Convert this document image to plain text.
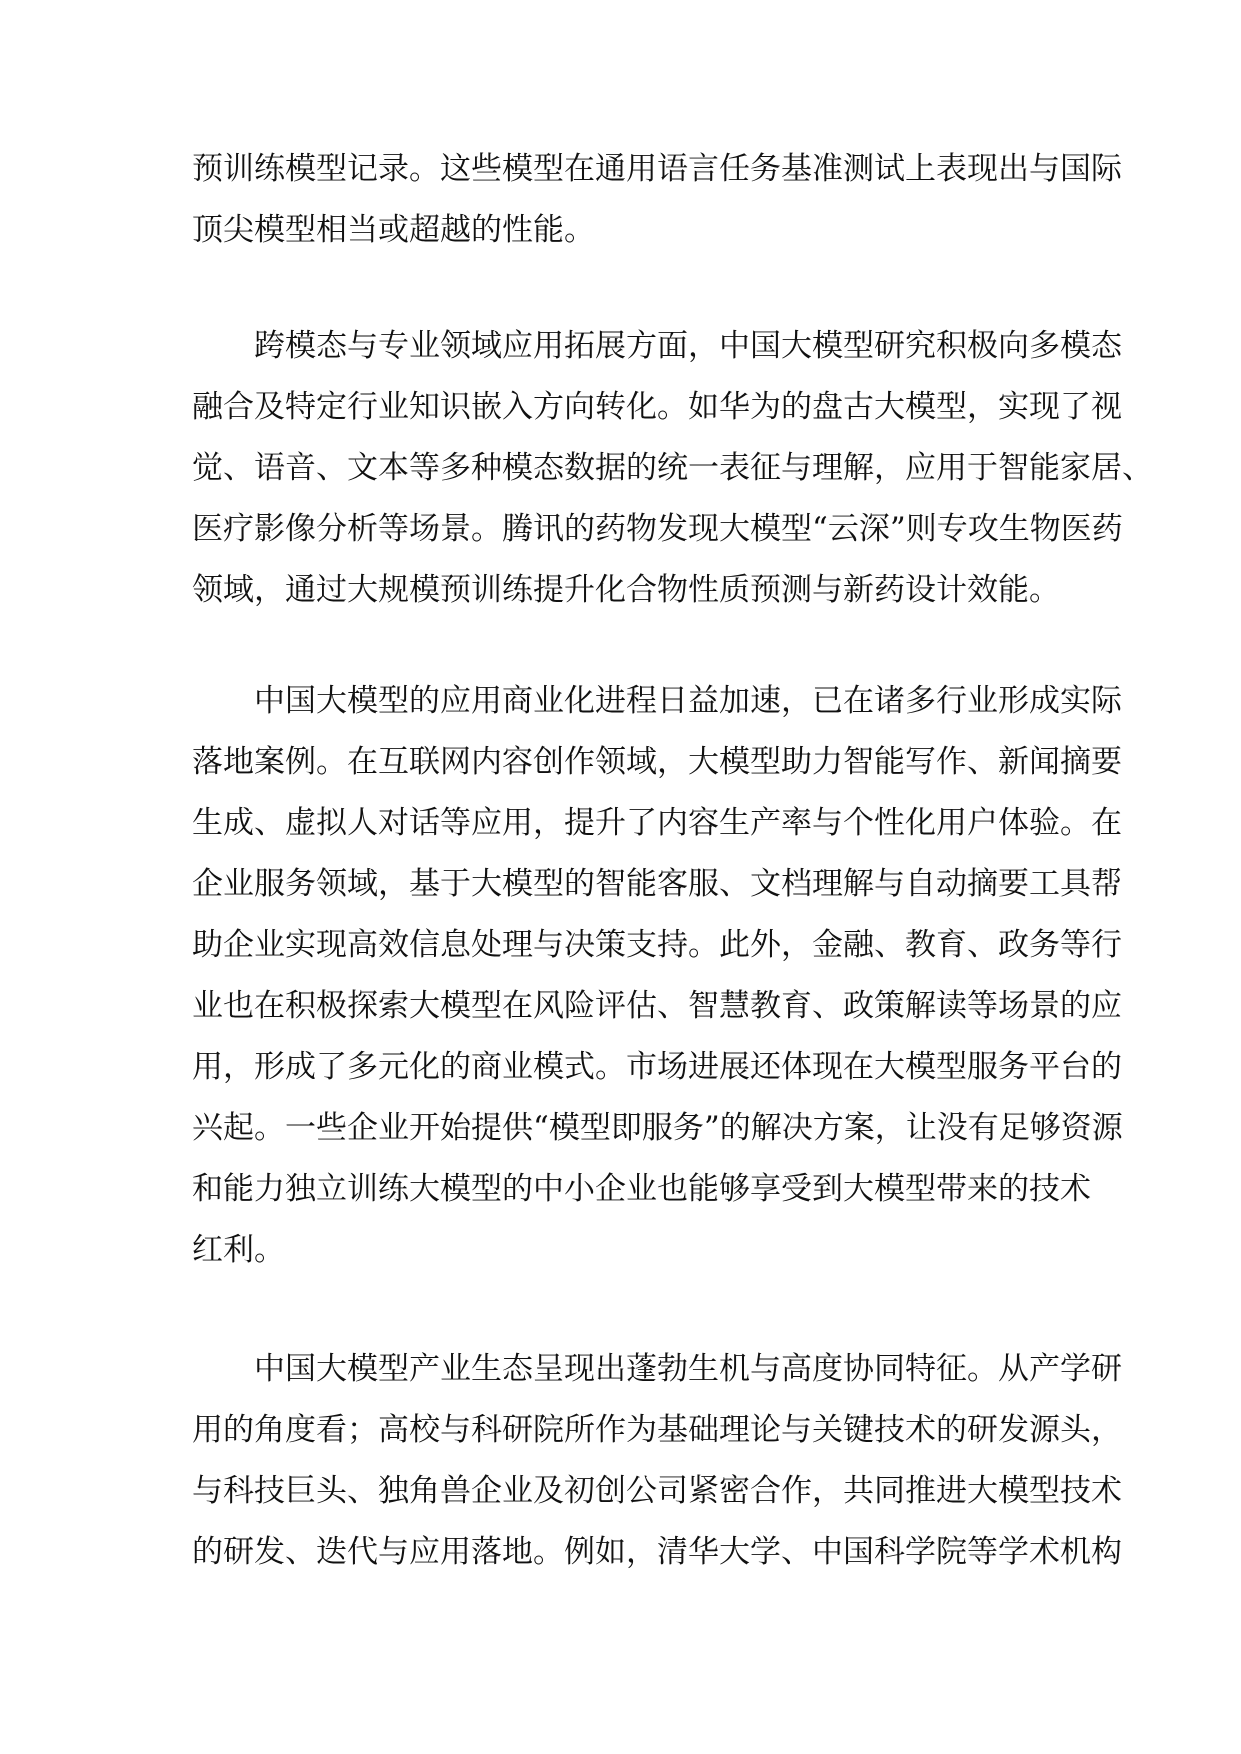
预训练模型记录。这些模型在通用语言任务基准测试上表现出与国际
顶尖模型相当或超越的性能。
跨模态与专业领域应用拓展方面，中国大模型研究积极向多模态
融合及特定行业知识嵌入方向转化。如华为的盘古大模型，实现了视
觉、语音、文本等多种模态数据的统一表征与理解，应用于智能家居、
医疗影像分析等场景。腾讯的药物发现大模型“云深”则专攻生物医药
领域，通过大规模预训练提升化合物性质预测与新药设计效能。
中国大模型的应用商业化进程日益加速，已在诸多行业形成实际
落地案例。在互联网内容创作领域，大模型助力智能写作、新闻摘要
生成、虚拟人对话等应用，提升了内容生产率与个性化用户体验。在
企业服务领域，基于大模型的智能客服、文档理解与自动摘要工具帮
助企业实现高效信息处理与决策支持。此外，金融、教育、政务等行
业也在积极探索大模型在风险评估、智慧教育、政策解读等场景的应
用，形成了多元化的商业模式。市场进展还体现在大模型服务平台的
兴起。一些企业开始提供“模型即服务”的解决方案，让没有足够资源
和能力独立训练大模型的中小企业也能够享受到大模型带来的技术
红利。
中国大模型产业生态呈现出蓬勃生机与高度协同特征。从产学研
用的角度看；高校与科研院所作为基础理论与关键技术的研发源头，
与科技巨头、独角兽企业及初创公司紧密合作，共同推进大模型技术
的研发、迭代与应用落地。例如，清华大学、中国科学院等学术机构
